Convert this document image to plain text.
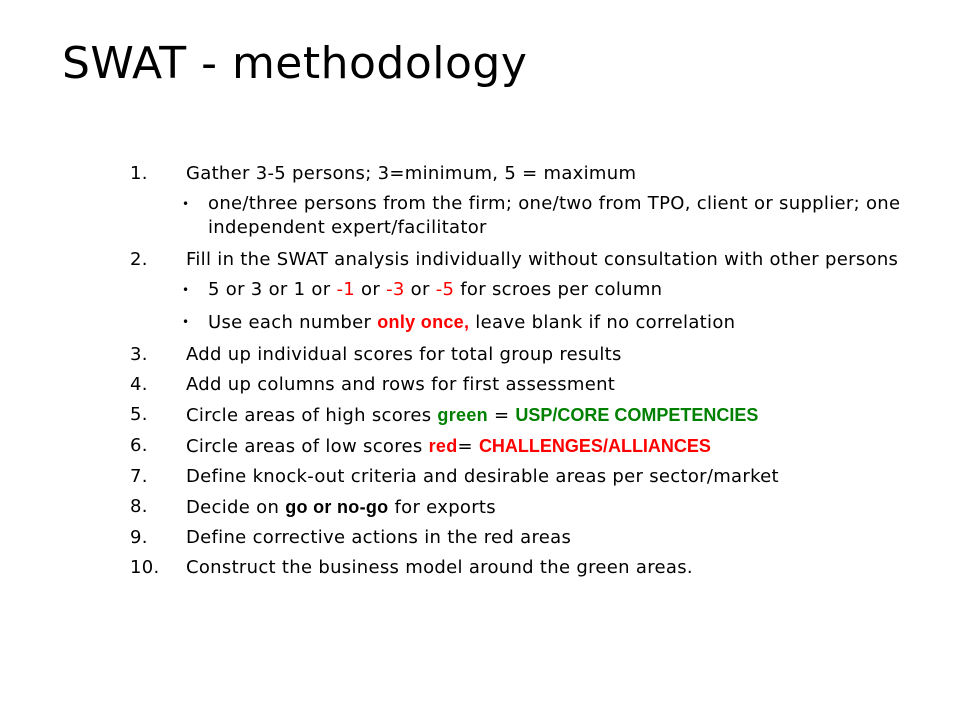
SWAT - methodology
1.	Gather 3-5 persons; 3=minimum, 5 = maximum
•	one/three persons from the firm; one/two from TPO, client or supplier; one independent expert/facilitator
2.	Fill in the SWAT analysis individually without consultation with other persons
•	5 or 3 or 1 or -1 or -3 or -5 for scroes per column
•	Use each number only once, leave blank if no correlation
3.	Add up individual scores for total group results
4.	Add up columns and rows for first assessment
5.	Circle areas of high scores green = USP/CORE COMPETENCIES
6.	Circle areas of low scores red= CHALLENGES/ALLIANCES
7.	Define knock-out criteria and desirable areas per sector/market
8.	Decide on go or no-go for exports
9.	Define corrective actions in the red areas
10.	Construct the business model around the green areas.
